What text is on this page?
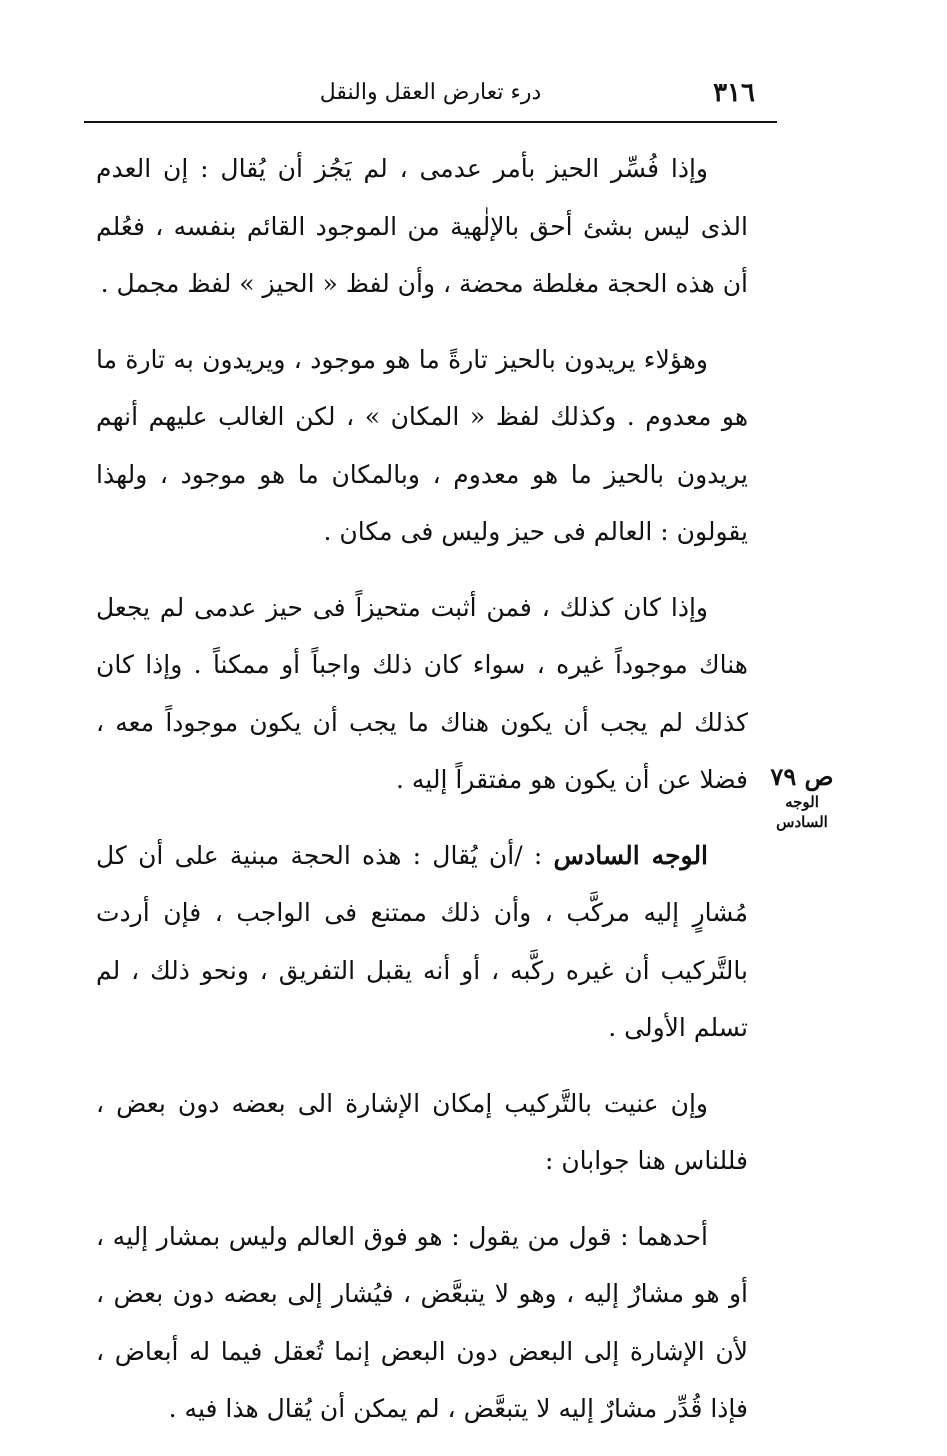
٣١٦
درء تعارض العقل والنقل
ص ٧٩
الوجه السادس

وإذا فُسِّر الحيز بأمر عدمى ، لم يَجُز أن يُقال : إن العدم الذى ليس بشئ أحق بالإلٰهية من الموجود القائم بنفسه ، فعُلم أن هذه الحجة مغلطة محضة ، وأن لفظ « الحيز » لفظ مجمل .

وهؤلاء يريدون بالحيز تارةً ما هو موجود ، ويريدون به تارة ما هو معدوم . وكذلك لفظ « المكان » ، لكن الغالب عليهم أنهم يريدون بالحيز ما هو معدوم ، وبالمكان ما هو موجود ، ولهذا يقولون : العالم فى حيز وليس فى مكان .

وإذا كان كذلك ، فمن أثبت متحيزاً فى حيز عدمى لم يجعل هناك موجوداً غيره ، سواء كان ذلك واجباً أو ممكناً . وإذا كان كذلك لم يجب أن يكون هناك ما يجب أن يكون موجوداً معه ، فضلا عن أن يكون هو مفتقراً إليه .

الوجه السادس : /أن يُقال : هذه الحجة مبنية على أن كل مُشارٍ إليه مركَّب ، وأن ذلك ممتنع فى الواجب ، فإن أردت بالتَّركيب أن غيره ركَّبه ، أو أنه يقبل التفريق ، ونحو ذلك ، لم تسلم الأولى .

وإن عنيت بالتَّركيب إمكان الإشارة الى بعضه دون بعض ، فللناس هنا جوابان :

أحدهما : قول من يقول : هو فوق العالم وليس بمشار إليه ، أو هو مشارٌ إليه ، وهو لا يتبعَّض ، فيُشار إلى بعضه دون بعض ، لأن الإشارة إلى البعض دون البعض إنما تُعقل فيما له أبعاض ، فإذا قُدِّر مشارٌ إليه لا يتبعَّض ، لم يمكن أن يُقال هذا فيه .
